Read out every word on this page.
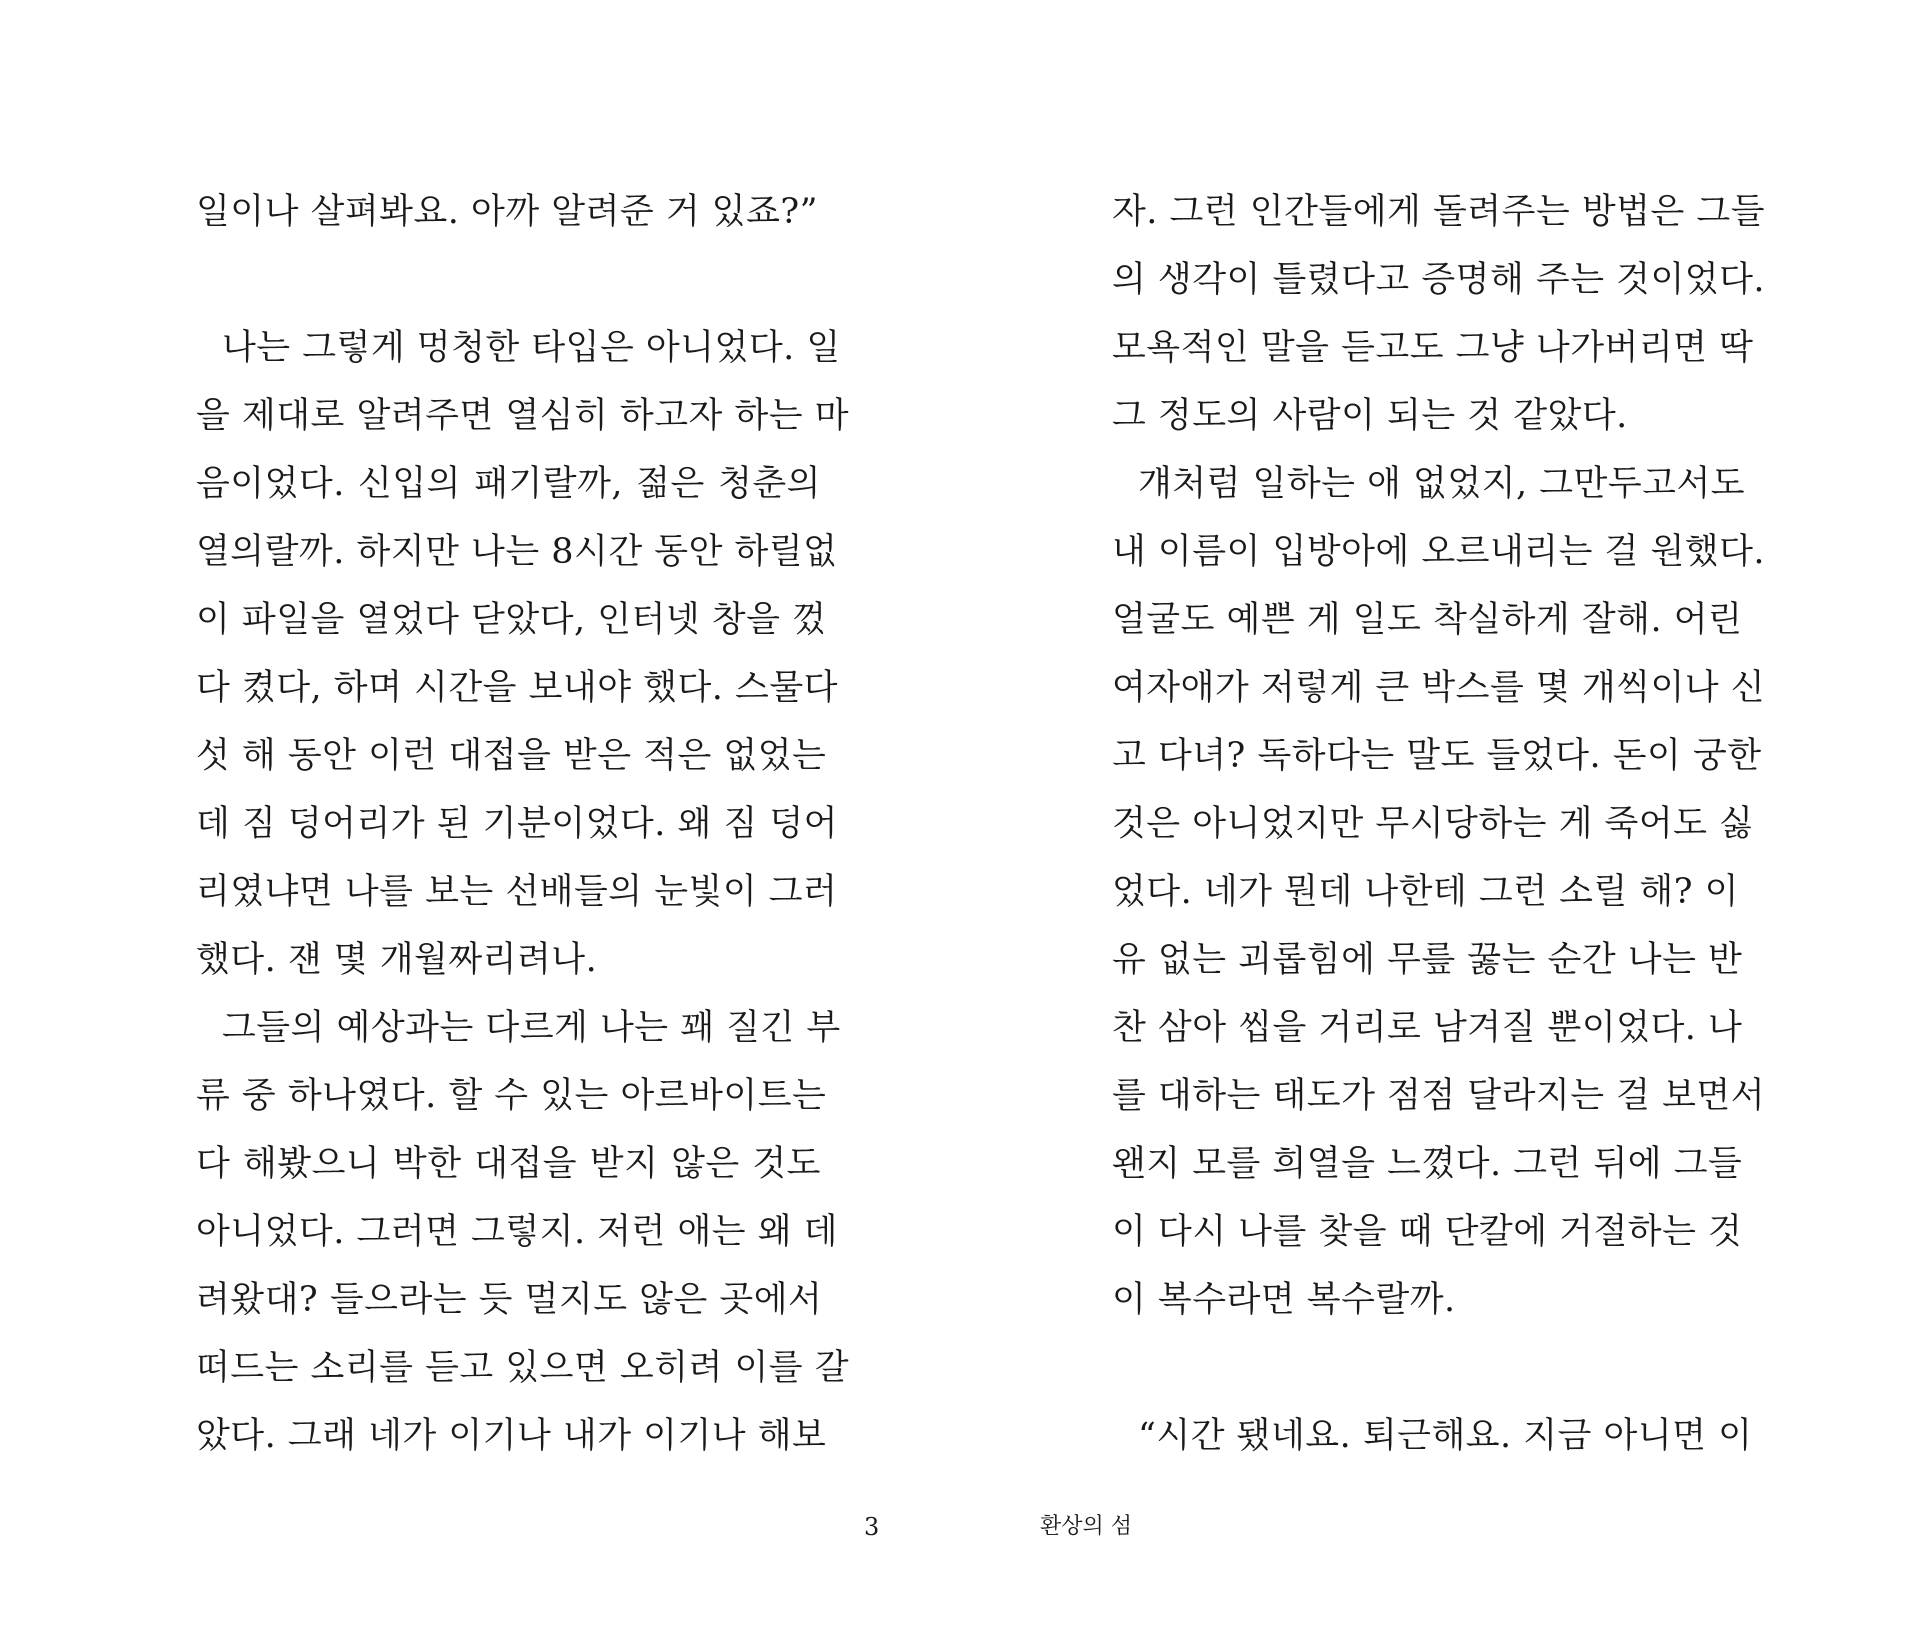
일이나 살펴봐요. 아까 알려준 거 있죠?”
나는 그렇게 멍청한 타입은 아니었다. 일
을 제대로 알려주면 열심히 하고자 하는 마
음이었다. 신입의 패기랄까, 젊은 청춘의
열의랄까. 하지만 나는 8시간 동안 하릴없
이 파일을 열었다 닫았다, 인터넷 창을 껐
다 켰다, 하며 시간을 보내야 했다. 스물다
섯 해 동안 이런 대접을 받은 적은 없었는
데 짐 덩어리가 된 기분이었다. 왜 짐 덩어
리였냐면 나를 보는 선배들의 눈빛이 그러
했다. 쟨 몇 개월짜리려나.
그들의 예상과는 다르게 나는 꽤 질긴 부
류 중 하나였다. 할 수 있는 아르바이트는
다 해봤으니 박한 대접을 받지 않은 것도
아니었다. 그러면 그렇지. 저런 애는 왜 데
려왔대? 들으라는 듯 멀지도 않은 곳에서
떠드는 소리를 듣고 있으면 오히려 이를 갈
았다. 그래 네가 이기나 내가 이기나 해보
자. 그런 인간들에게 돌려주는 방법은 그들
의 생각이 틀렸다고 증명해 주는 것이었다.
모욕적인 말을 듣고도 그냥 나가버리면 딱
그 정도의 사람이 되는 것 같았다.
걔처럼 일하는 애 없었지, 그만두고서도
내 이름이 입방아에 오르내리는 걸 원했다.
얼굴도 예쁜 게 일도 착실하게 잘해. 어린
여자애가 저렇게 큰 박스를 몇 개씩이나 신
고 다녀? 독하다는 말도 들었다. 돈이 궁한
것은 아니었지만 무시당하는 게 죽어도 싫
었다. 네가 뭔데 나한테 그런 소릴 해? 이
유 없는 괴롭힘에 무릎 꿇는 순간 나는 반
찬 삼아 씹을 거리로 남겨질 뿐이었다. 나
를 대하는 태도가 점점 달라지는 걸 보면서
왠지 모를 희열을 느꼈다. 그런 뒤에 그들
이 다시 나를 찾을 때 단칼에 거절하는 것
이 복수라면 복수랄까.
“시간 됐네요. 퇴근해요. 지금 아니면 이
3	환상의 섬
